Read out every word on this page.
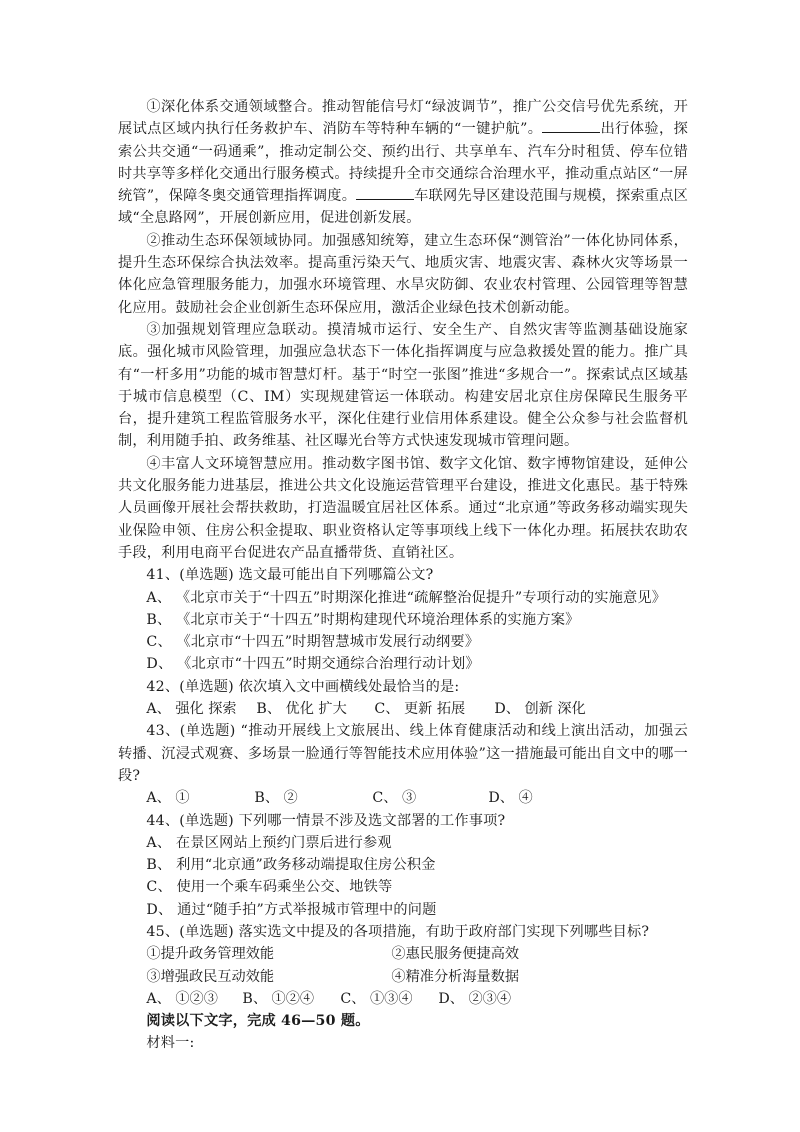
①深化体系交通领域整合。推动智能信号灯“绿波调节”，推广公交信号优先系统，开展试点区域内执行任务救护车、消防车等特种车辆的“一键护航”。	出行体验，探索公共交通“一码通乘”，推动定制公交、预约出行、共享单车、汽车分时租赁、停车位错时共享等多样化交通出行服务模式。持续提升全市交通综合治理水平，推动重点站区“一屏统管”，保障冬奥交通管理指挥调度。	车联网先导区建设范围与规模，探索重点区域“全息路网”，开展创新应用，促进创新发展。

②推动生态环保领域协同。加强感知统筹，建立生态环保“测管治”一体化协同体系，提升生态环保综合执法效率。提高重污染天气、地质灾害、地震灾害、森林火灾等场景一体化应急管理服务能力，加强水环境管理、水旱灾防御、农业农村管理、公园管理等智慧化应用。鼓励社会企业创新生态环保应用，激活企业绿色技术创新动能。

③加强规划管理应急联动。摸清城市运行、安全生产、自然灾害等监测基础设施家底。强化城市风险管理，加强应急状态下一体化指挥调度与应急救援处置的能力。推广具有“一杆多用”功能的城市智慧灯杆。基于“时空一张图”推进“多规合一”。探索试点区域基于城市信息模型（C、IM）实现规建管运一体联动。构建安居北京住房保障民生服务平台，提升建筑工程监管服务水平，深化住建行业信用体系建设。健全公众参与社会监督机制，利用随手拍、政务维基、社区曝光台等方式快速发现城市管理问题。

④丰富人文环境智慧应用。推动数字图书馆、数字文化馆、数字博物馆建设，延伸公共文化服务能力进基层，推进公共文化设施运营管理平台建设，推进文化惠民。基于特殊人员画像开展社会帮扶救助，打造温暖宜居社区体系。通过“北京通”等政务移动端实现失业保险申领、住房公积金提取、职业资格认定等事项线上线下一体化办理。拓展扶农助农手段，利用电商平台促进农产品直播带货、直销社区。

41、(单选题) 选文最可能出自下列哪篇公文?

A、 《北京市关于“十四五”时期深化推进“疏解整治促提升”专项行动的实施意见》

B、 《北京市关于“十四五”时期构建现代环境治理体系的实施方案》

C、 《北京市“十四五”时期智慧城市发展行动纲要》

D、 《北京市“十四五”时期交通综合治理行动计划》

42、(单选题) 依次填入文中画横线处最恰当的是:

A、 强化 探索	B、 优化 扩大	C、 更新 拓展	D、 创新 深化

43、(单选题) “推动开展线上文旅展出、线上体育健康活动和线上演出活动，加强云转播、沉浸式观赛、多场景一脸通行等智能技术应用体验”这一措施最可能出自文中的哪一段?

A、 ①	B、 ②	C、 ③	D、 ④

44、(单选题) 下列哪一情景不涉及选文部署的工作事项?

A、 在景区网站上预约门票后进行参观

B、 利用“北京通”政务移动端提取住房公积金

C、 使用一个乘车码乘坐公交、地铁等

D、 通过“随手拍”方式举报城市管理中的问题

45、(单选题) 落实选文中提及的各项措施，有助于政府部门实现下列哪些目标?

①提升政务管理效能	②惠民服务便捷高效
③增强政民互动效能	④精准分析海量数据
A、 ①②③	B、 ①②④	C、 ①③④	D、 ②③④

阅读以下文字，完成 46—50 题。

材料一:
